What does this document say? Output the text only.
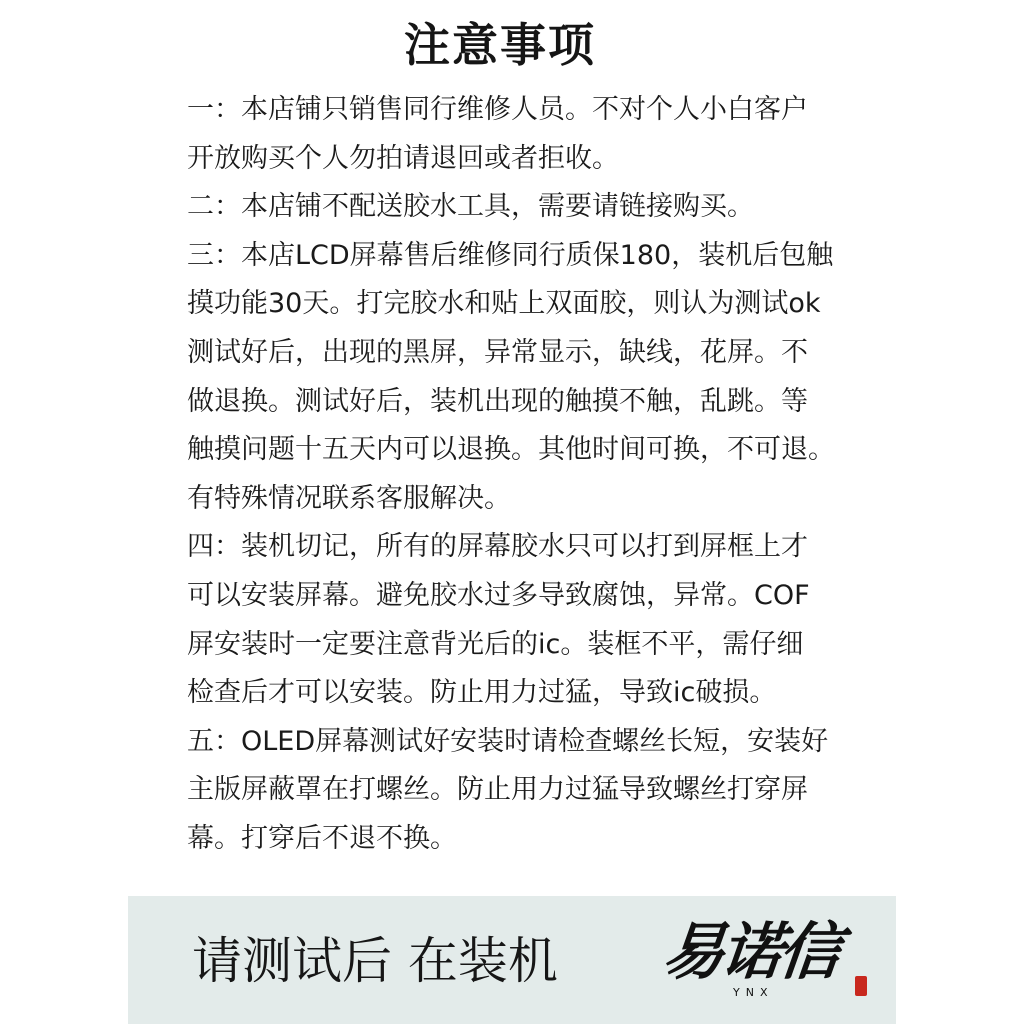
注意事项
一：本店铺只销售同行维修人员。不对个人小白客户
开放购买个人勿拍请退回或者拒收。
二：本店铺不配送胶水工具，需要请链接购买。
三：本店LCD屏幕售后维修同行质保180，装机后包触
摸功能30天。打完胶水和贴上双面胶，则认为测试ok
测试好后，出现的黑屏，异常显示，缺线，花屏。不
做退换。测试好后，装机出现的触摸不触，乱跳。等
触摸问题十五天内可以退换。其他时间可换，不可退。
有特殊情况联系客服解决。
四：装机切记，所有的屏幕胶水只可以打到屏框上才
可以安装屏幕。避免胶水过多导致腐蚀，异常。COF
屏安装时一定要注意背光后的ic。装框不平，需仔细
检查后才可以安装。防止用力过猛，导致ic破损。
五：OLED屏幕测试好安装时请检查螺丝长短，安装好
主版屏蔽罩在打螺丝。防止用力过猛导致螺丝打穿屏
幕。打穿后不退不换。
请测试后 在装机 易诺信
YNX
